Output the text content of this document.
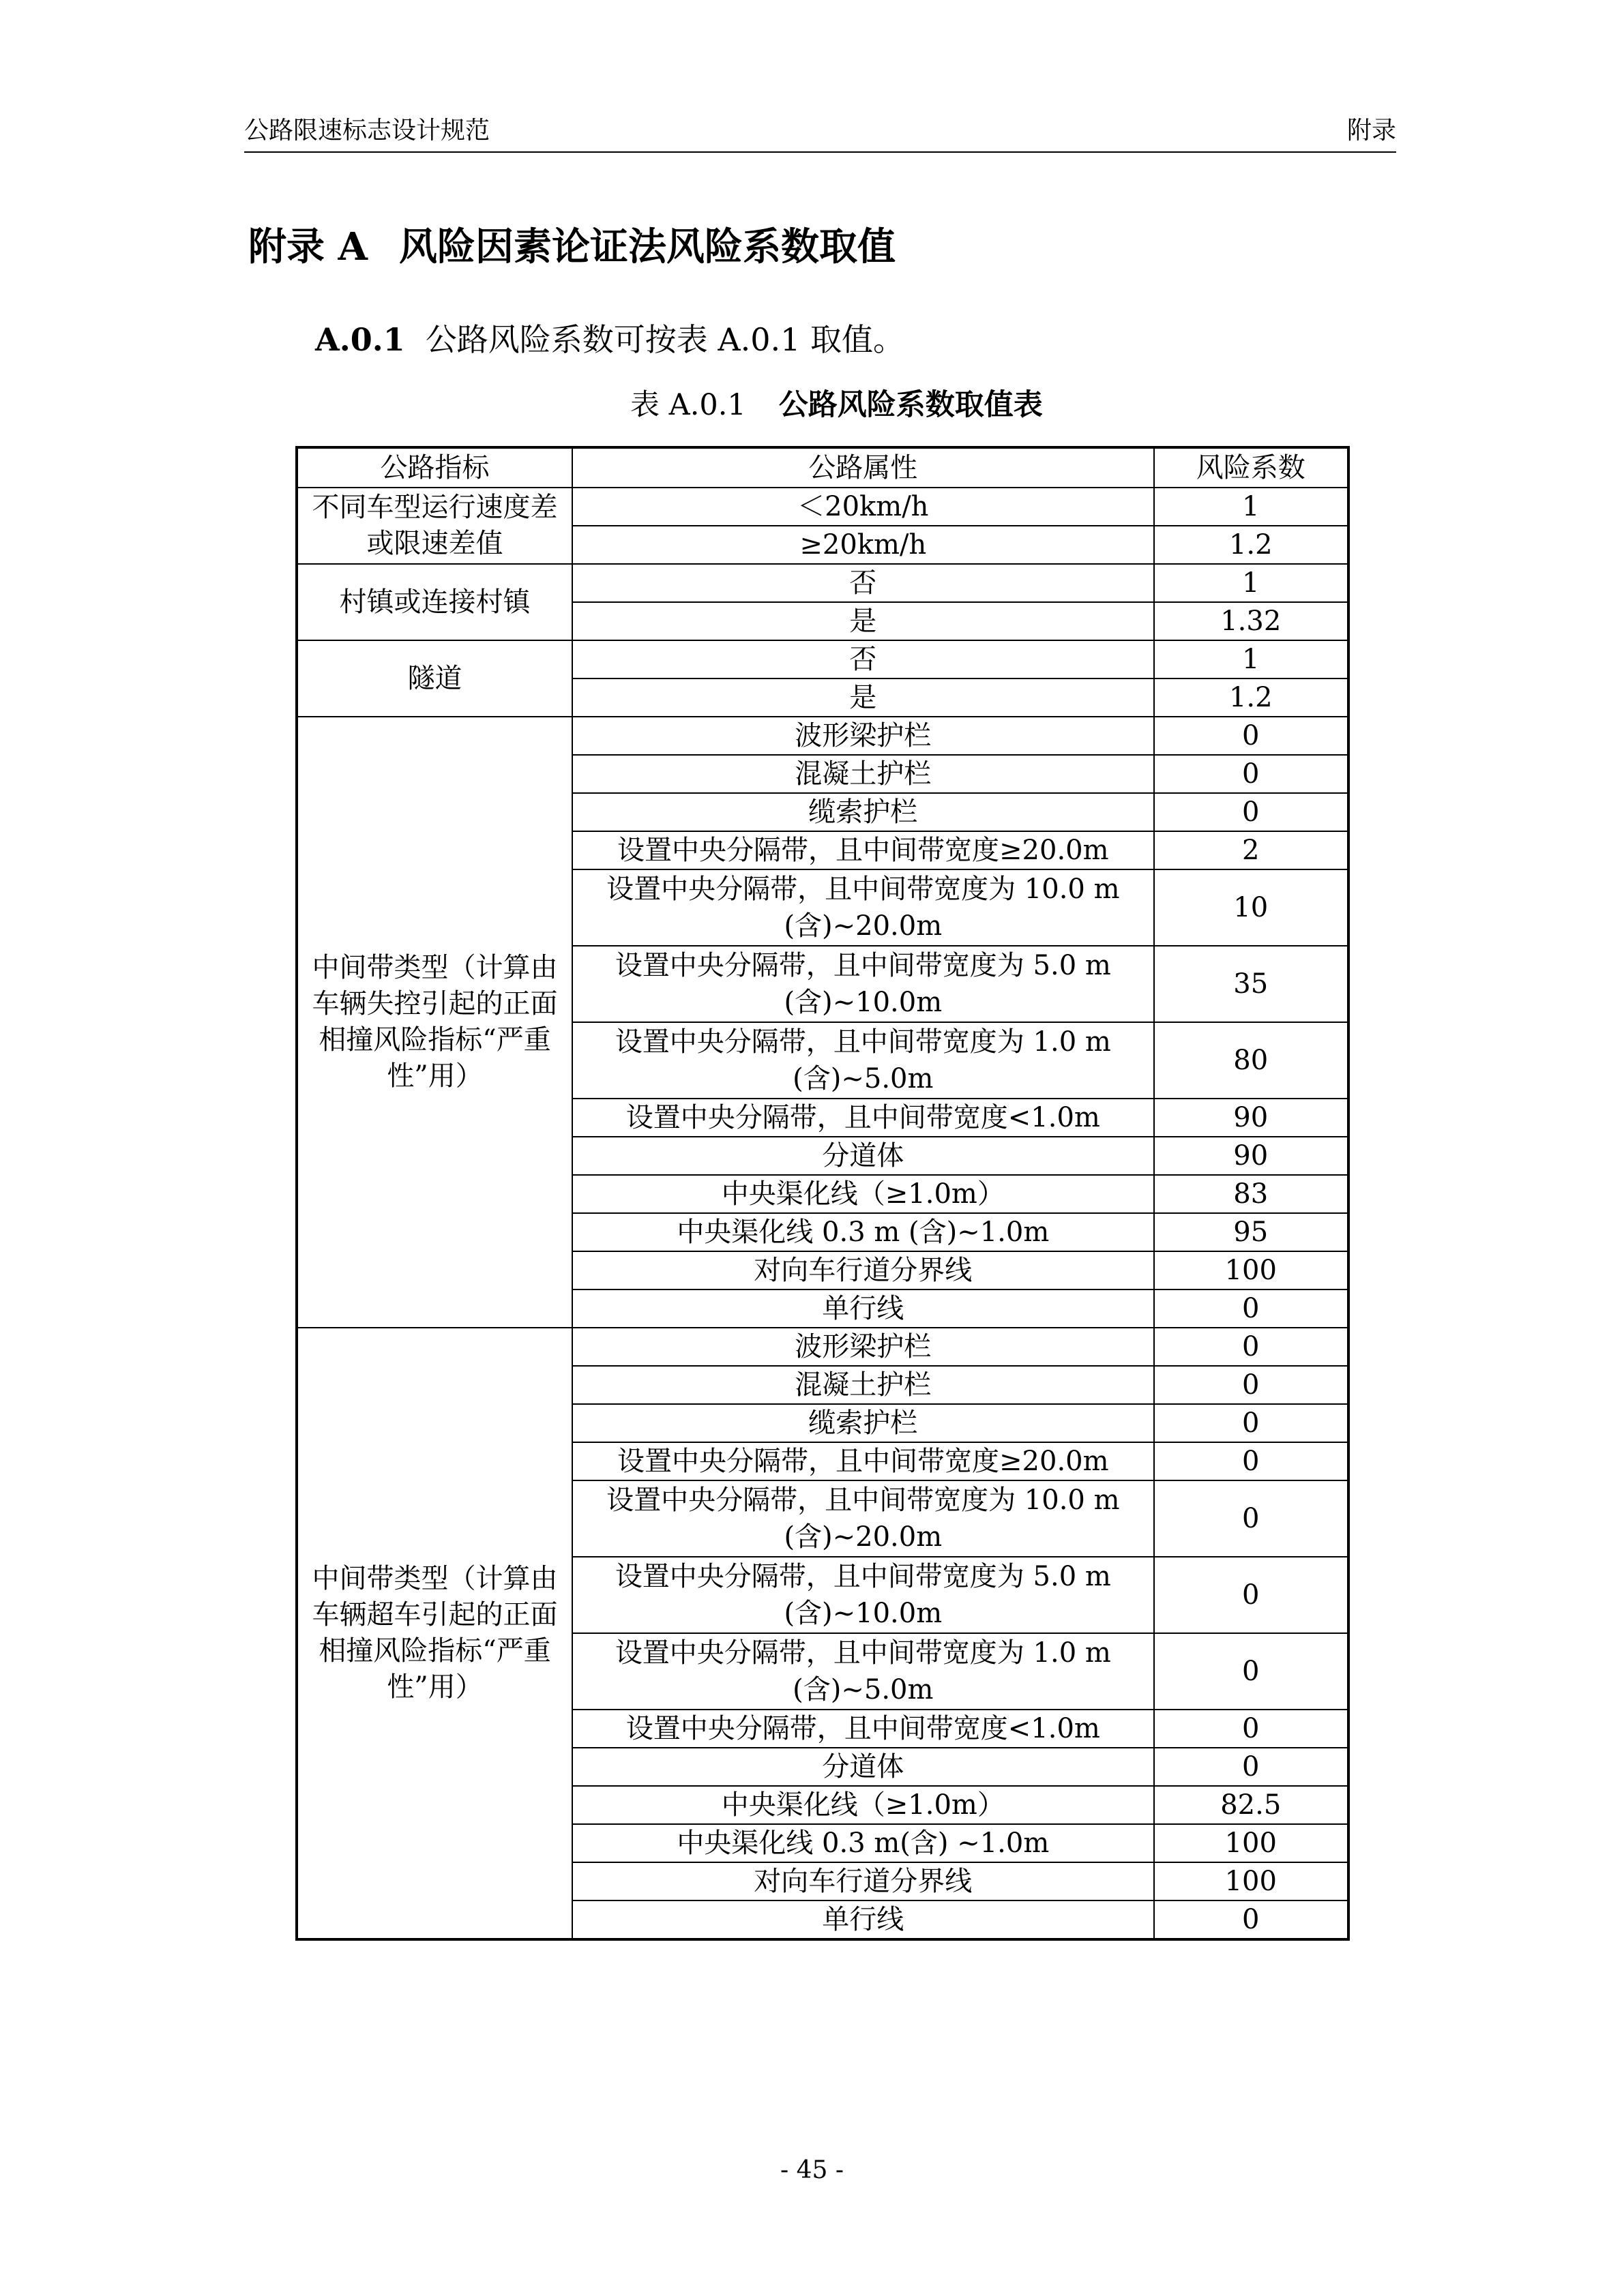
公路限速标志设计规范	附录
附录 A 风险因素论证法风险系数取值
A.0.1 公路风险系数可按表 A.0.1 取值。
表 A.0.1 公路风险系数取值表
公路指标	公路属性	风险系数
不同车型运行速度差或限速差值	＜20km/h	1
	≥20km/h	1.2
村镇或连接村镇	否	1
	是	1.32
隧道	否	1
	是	1.2
中间带类型（计算由车辆失控引起的正面相撞风险指标“严重性”用）	波形梁护栏	0
	混凝土护栏	0
	缆索护栏	0
	设置中央分隔带，且中间带宽度≥20.0m	2
	设置中央分隔带，且中间带宽度为 10.0 m (含)~20.0m	10
	设置中央分隔带，且中间带宽度为 5.0 m (含)~10.0m	35
	设置中央分隔带，且中间带宽度为 1.0 m (含)~5.0m	80
	设置中央分隔带，且中间带宽度<1.0m	90
	分道体	90
	中央渠化线（≥1.0m）	83
	中央渠化线 0.3 m (含)~1.0m	95
	对向车行道分界线	100
	单行线	0
中间带类型（计算由车辆超车引起的正面相撞风险指标“严重性”用）	波形梁护栏	0
	混凝土护栏	0
	缆索护栏	0
	设置中央分隔带，且中间带宽度≥20.0m	0
	设置中央分隔带，且中间带宽度为 10.0 m (含)~20.0m	0
	设置中央分隔带，且中间带宽度为 5.0 m (含)~10.0m	0
	设置中央分隔带，且中间带宽度为 1.0 m (含)~5.0m	0
	设置中央分隔带，且中间带宽度<1.0m	0
	分道体	0
	中央渠化线（≥1.0m）	82.5
	中央渠化线 0.3 m(含) ~1.0m	100
	对向车行道分界线	100
	单行线	0
- 45 -
